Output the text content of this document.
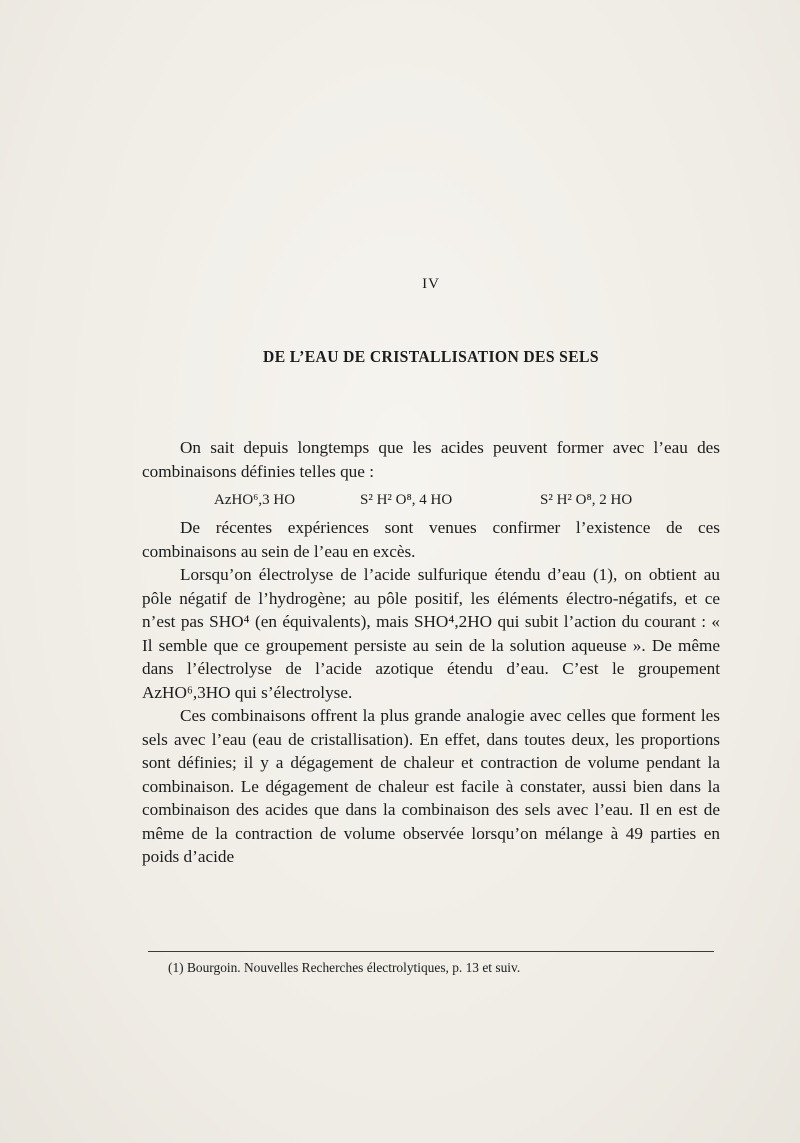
IV
DE L’EAU DE CRISTALLISATION DES SELS

On sait depuis longtemps que les acides peuvent former avec l’eau des combinaisons définies telles que :

AzHO⁶,3 HO	S² H² O⁸, 4 HO	S² H² O⁸, 2 HO

De récentes expériences sont venues confirmer l’existence de ces combinaisons au sein de l’eau en excès.

Lorsqu’on électrolyse de l’acide sulfurique étendu d’eau (1), on obtient au pôle négatif de l’hydrogène; au pôle positif, les éléments électro-négatifs, et ce n’est pas SHO⁴ (en équivalents), mais SHO⁴,2HO qui subit l’action du courant : « Il semble que ce groupement persiste au sein de la solution aqueuse ». De même dans l’électrolyse de l’acide azotique étendu d’eau. C’est le groupement AzHO⁶,3HO qui s’électrolyse.

Ces combinaisons offrent la plus grande analogie avec celles que forment les sels avec l’eau (eau de cristallisation). En effet, dans toutes deux, les proportions sont définies; il y a dégagement de chaleur et contraction de volume pendant la combinaison. Le dégagement de chaleur est facile à constater, aussi bien dans la combinaison des acides que dans la combinaison des sels avec l’eau. Il en est de même de la contraction de volume observée lorsqu’on mélange à 49 parties en poids d’acide

(1) Bourgoin. Nouvelles Recherches électrolytiques, p. 13 et suiv.
